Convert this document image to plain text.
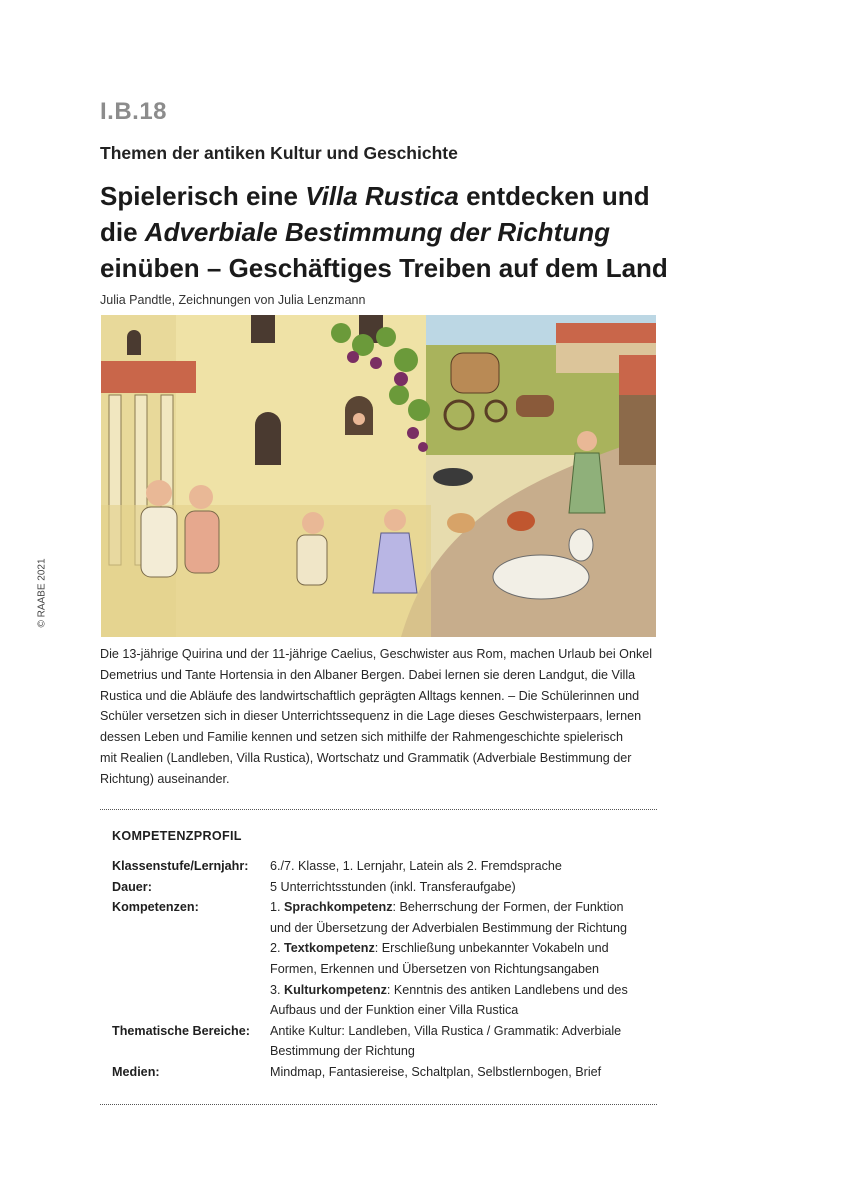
I.B.18
Themen der antiken Kultur und Geschichte
Spielerisch eine Villa Rustica entdecken und
die Adverbiale Bestimmung der Richtung
einüben – Geschäftiges Treiben auf dem Land
Julia Pandtle, Zeichnungen von Julia Lenzmann
© RAABE 2021
Die 13-jährige Quirina und der 11-jährige Caelius, Geschwister aus Rom, machen Urlaub bei Onkel
Demetrius und Tante Hortensia in den Albaner Bergen. Dabei lernen sie deren Landgut, die Villa
Rustica und die Abläufe des landwirtschaftlich geprägten Alltags kennen. – Die Schülerinnen und
Schüler versetzen sich in dieser Unterrichtssequenz in die Lage dieses Geschwisterpaars, lernen
dessen Leben und Familie kennen und setzen sich mithilfe der Rahmengeschichte spielerisch
mit Realien (Landleben, Villa Rustica), Wortschatz und Grammatik (Adverbiale Bestimmung der
Richtung) auseinander.
KOMPETENZPROFIL
Klassenstufe/Lernjahr:	6./7. Klasse, 1. Lernjahr, Latein als 2. Fremdsprache
Dauer:	5 Unterrichtsstunden (inkl. Transferaufgabe)
Kompetenzen:	1. Sprachkompetenz: Beherrschung der Formen, der Funktion
und der Übersetzung der Adverbialen Bestimmung der Richtung
2. Textkompetenz: Erschließung unbekannter Vokabeln und
Formen, Erkennen und Übersetzen von Richtungsangaben
3. Kulturkompetenz: Kenntnis des antiken Landlebens und des
Aufbaus und der Funktion einer Villa Rustica
Thematische Bereiche:	Antike Kultur: Landleben, Villa Rustica / Grammatik: Adverbiale
Bestimmung der Richtung
Medien:	Mindmap, Fantasiereise, Schaltplan, Selbstlernbogen, Brief
